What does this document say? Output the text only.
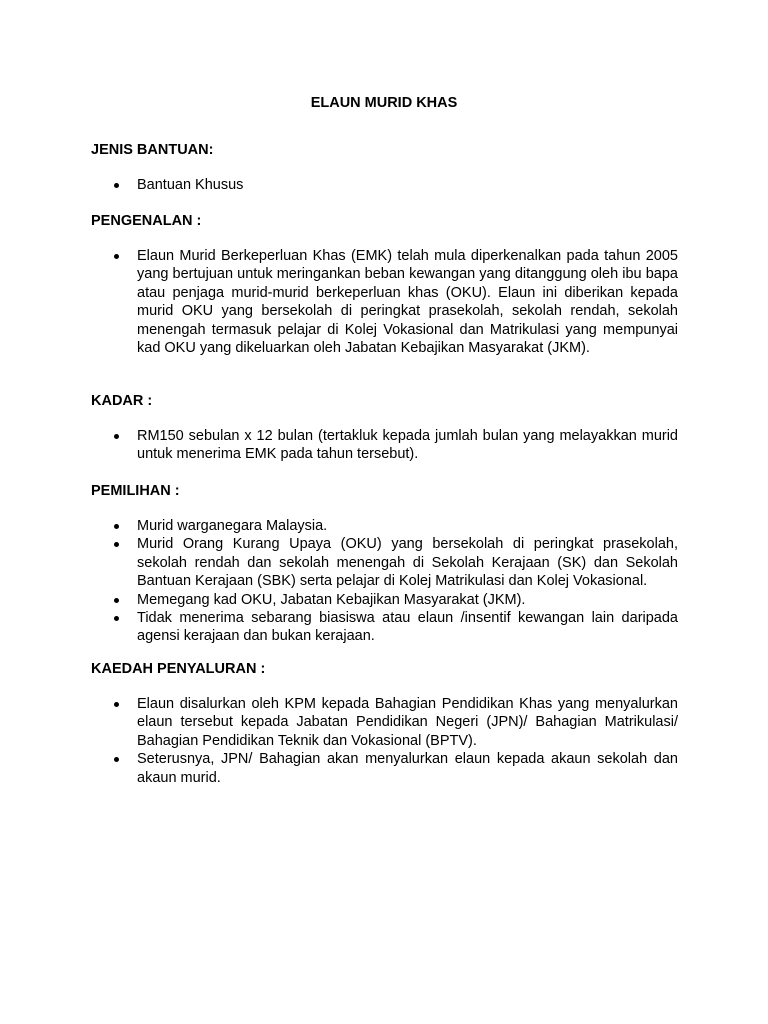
ELAUN MURID KHAS
JENIS BANTUAN:
Bantuan Khusus
PENGENALAN :
Elaun Murid Berkeperluan Khas (EMK) telah mula diperkenalkan pada tahun 2005 yang bertujuan untuk meringankan beban kewangan yang ditanggung oleh ibu bapa atau penjaga murid-murid berkeperluan khas (OKU). Elaun ini diberikan kepada murid OKU yang bersekolah di peringkat prasekolah, sekolah rendah, sekolah menengah termasuk pelajar di Kolej Vokasional dan Matrikulasi yang mempunyai kad OKU yang dikeluarkan oleh Jabatan Kebajikan Masyarakat (JKM).
KADAR :
RM150 sebulan x 12 bulan (tertakluk kepada jumlah bulan yang melayakkan murid untuk menerima EMK pada tahun tersebut).
PEMILIHAN :
Murid warganegara Malaysia.
Murid Orang Kurang Upaya (OKU) yang bersekolah di peringkat prasekolah, sekolah rendah dan sekolah menengah di Sekolah Kerajaan (SK) dan Sekolah Bantuan Kerajaan (SBK) serta pelajar di Kolej Matrikulasi dan Kolej Vokasional.
Memegang kad OKU, Jabatan Kebajikan Masyarakat (JKM).
Tidak menerima sebarang biasiswa atau elaun /insentif kewangan lain daripada agensi kerajaan dan bukan kerajaan.
KAEDAH PENYALURAN :
Elaun disalurkan oleh KPM kepada Bahagian Pendidikan Khas yang menyalurkan elaun tersebut kepada Jabatan Pendidikan Negeri (JPN)/ Bahagian Matrikulasi/ Bahagian Pendidikan Teknik dan Vokasional (BPTV).
Seterusnya, JPN/ Bahagian akan menyalurkan elaun kepada akaun sekolah dan akaun murid.
